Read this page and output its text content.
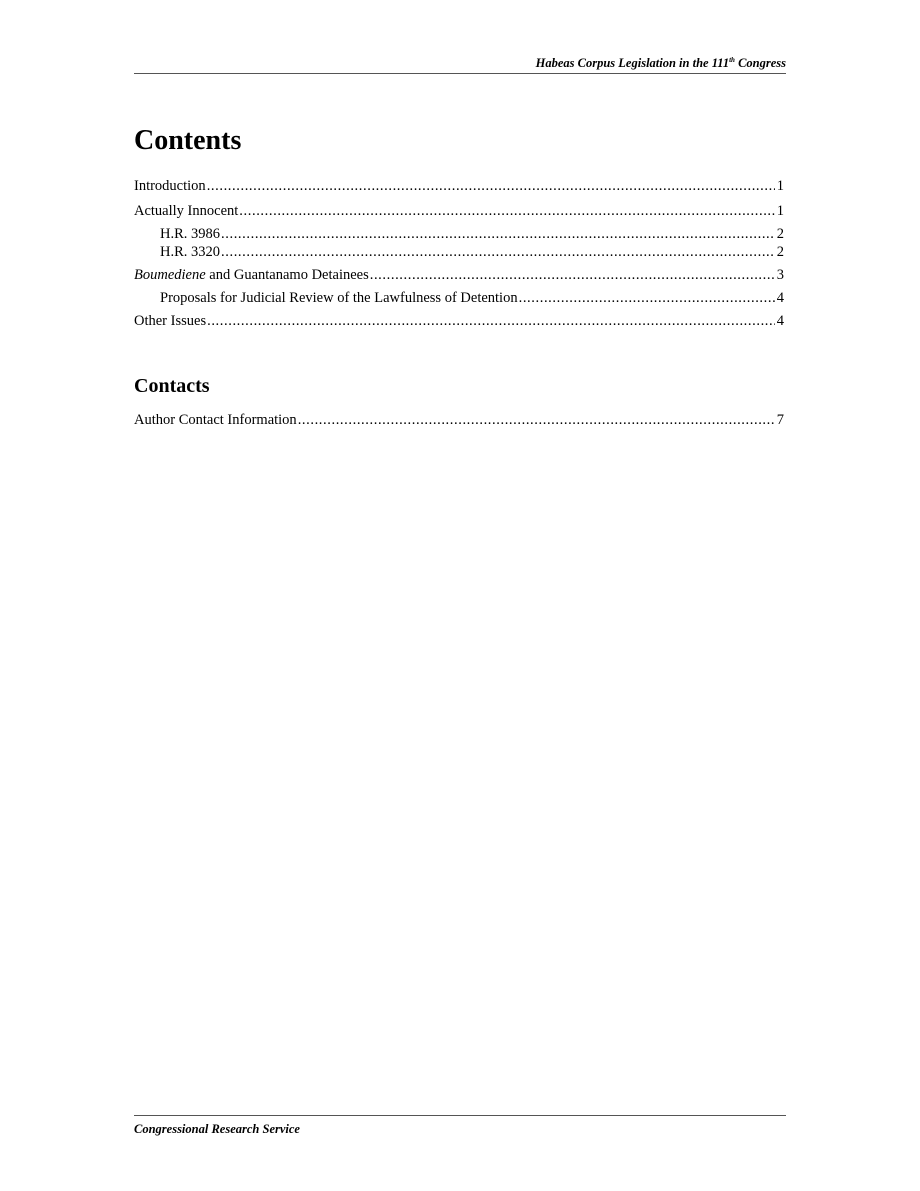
Habeas Corpus Legislation in the 111th Congress
Contents
Introduction .....	1
Actually Innocent .....	1
H.R. 3986 .....	2
H.R. 3320 .....	2
Boumediene and Guantanamo Detainees .....	3
Proposals for Judicial Review of the Lawfulness of Detention .....	4
Other Issues .....	4
Contacts
Author Contact Information .....	7
Congressional Research Service
